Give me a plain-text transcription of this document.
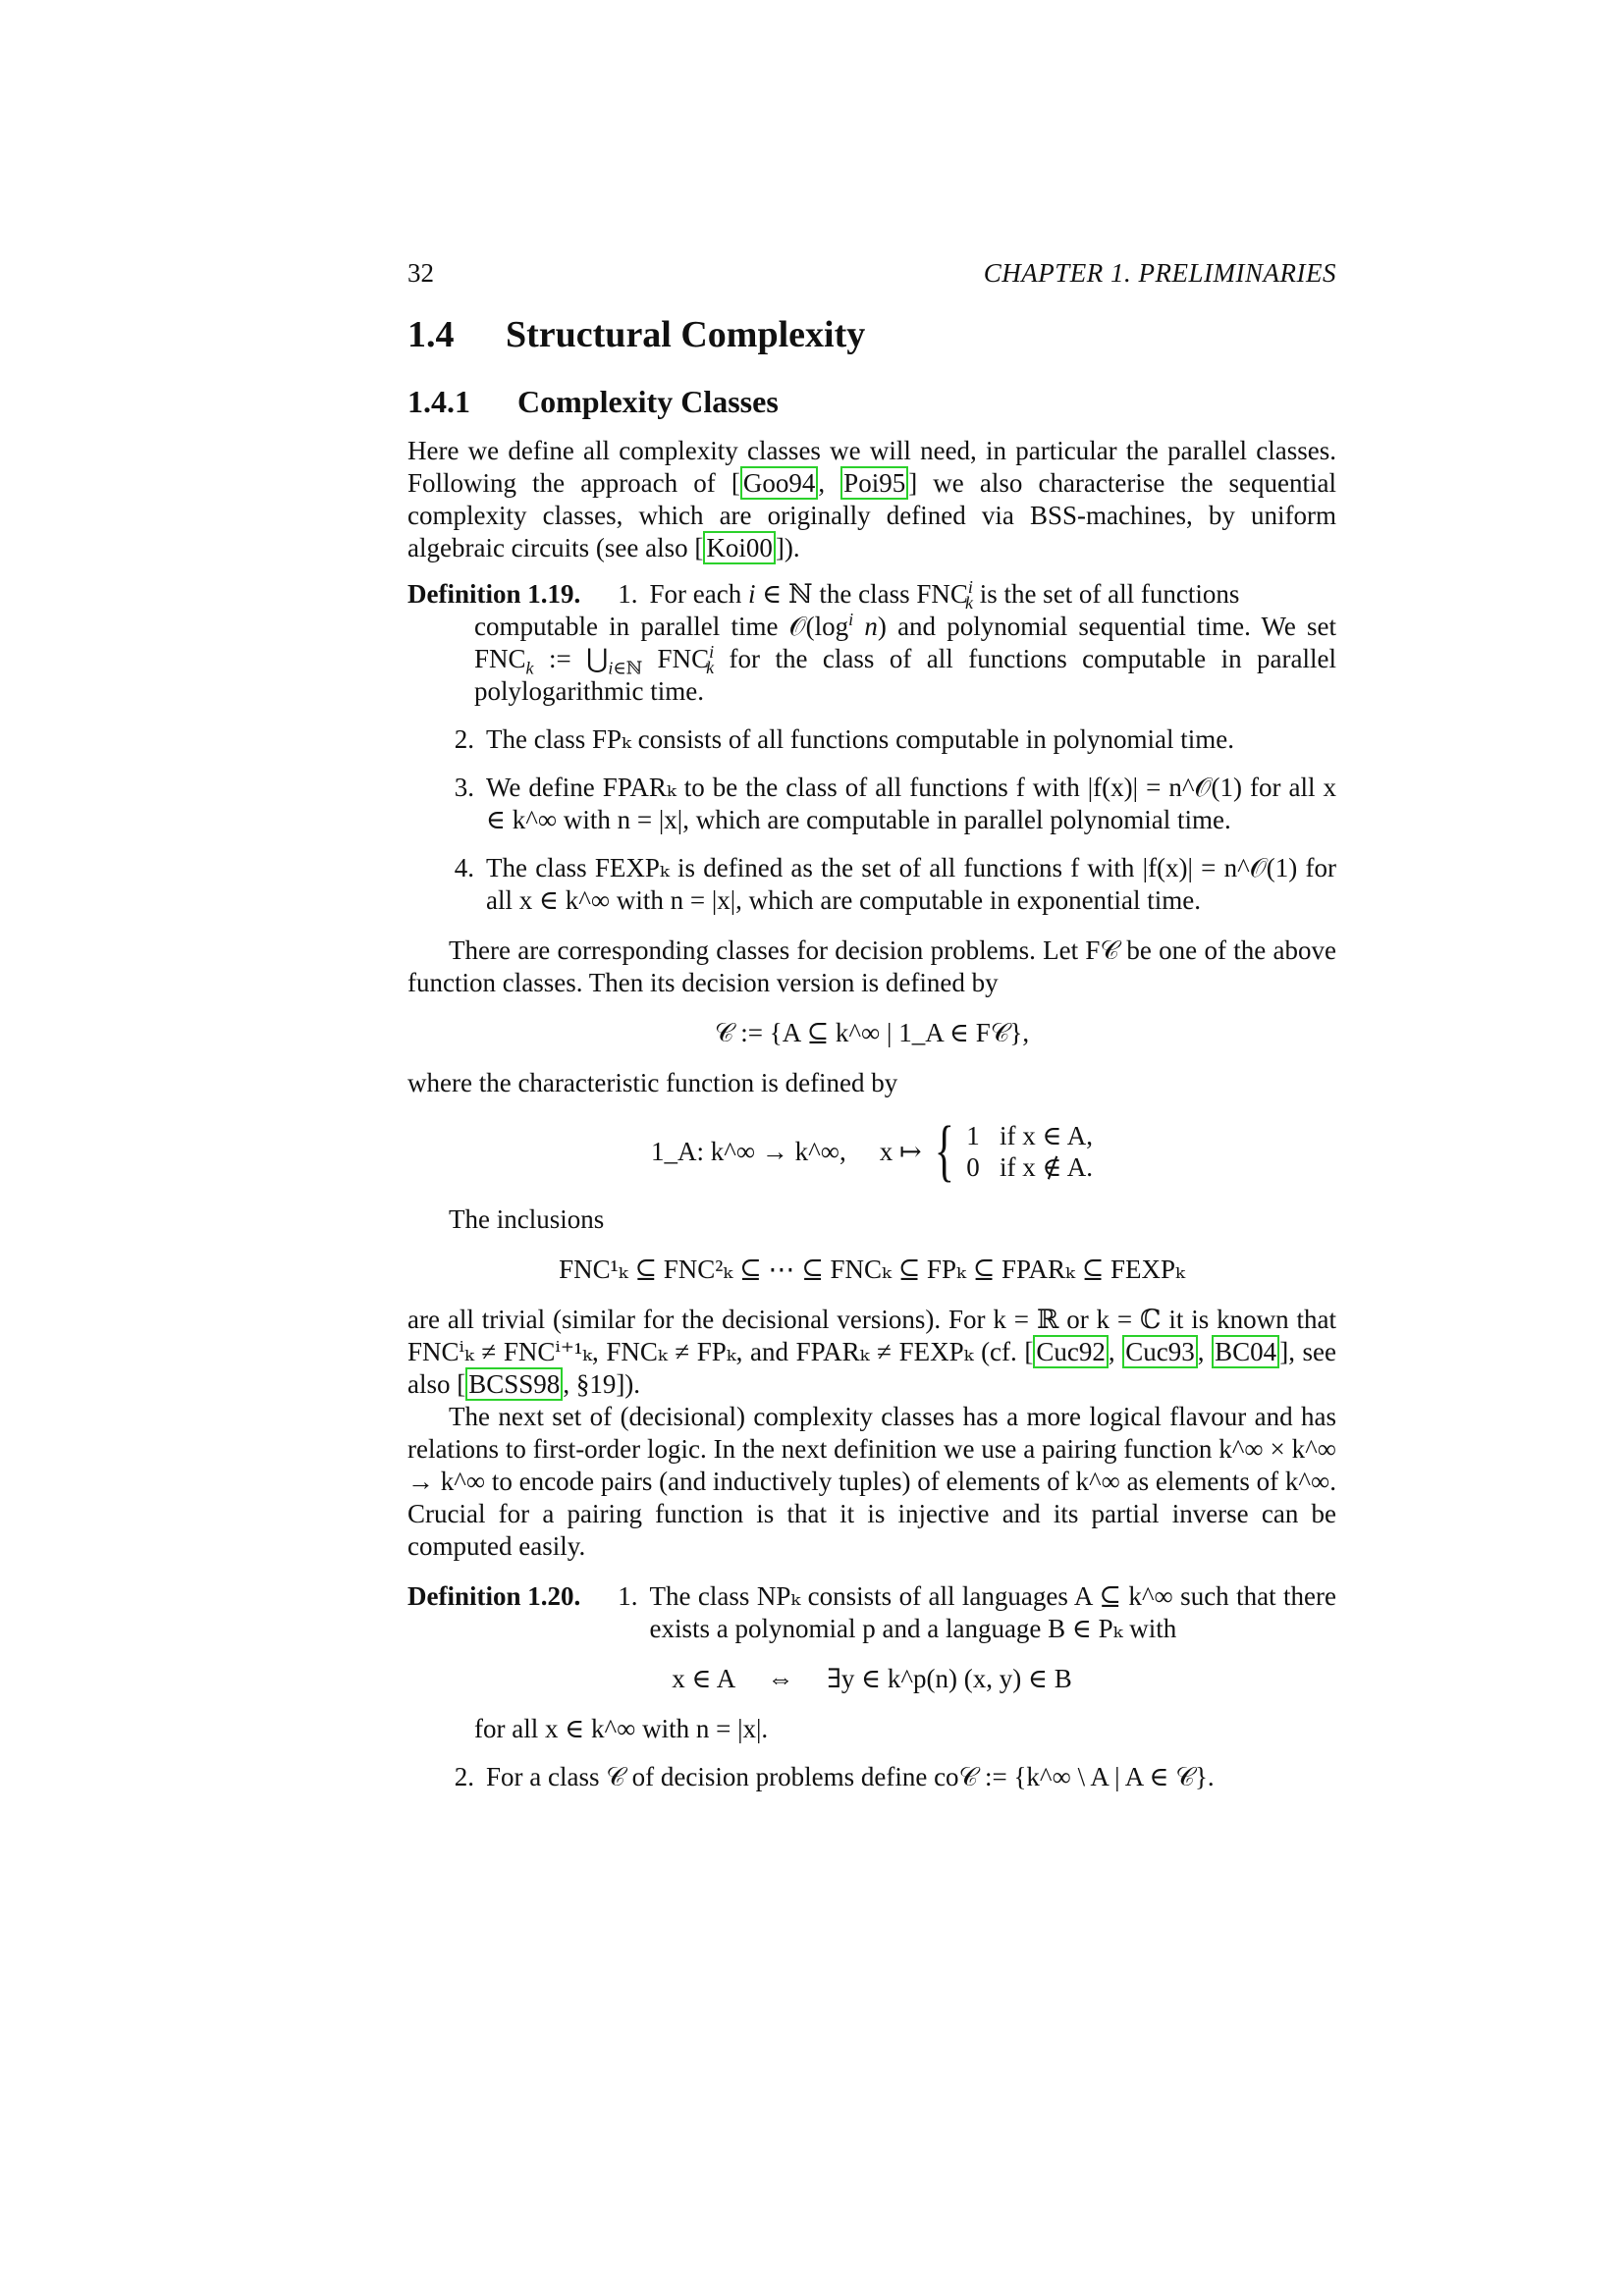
32	CHAPTER 1. PRELIMINARIES
1.4 Structural Complexity
1.4.1 Complexity Classes

Here we define all complexity classes we will need, in particular the parallel classes. Following the approach of [ Goo94 , Poi95 ] we also characterise the sequential complexity classes, which are originally defined via BSS-machines, by uniform algebraic circuits (see also [ Koi00 ]).

Definition 1.19. 1. For each i ∈ ℕ the class $FNC^i_k$ is the set of all functions
computable in parallel time $𝒪(\log^i$ n) and polynomial sequential time. We set $FNC_k$ := $⋃_{i\in ℕ}$ $FNC^i_k$ for the class of all functions computable in parallel polylogarithmic time.
2. The class FPₖ consists of all functions computable in polynomial time.
3. We define FPARₖ to be the class of all functions f with |f(x)| = n^𝒪(1) for all x ∈ k^∞ with n = |x|, which are computable in parallel polynomial time.
4. The class FEXPₖ is defined as the set of all functions f with |f(x)| = n^𝒪(1) for all x ∈ k^∞ with n = |x|, which are computable in exponential time.

There are corresponding classes for decision problems. Let F𝒞 be one of the above function classes. Then its decision version is defined by

𝒞 := {A ⊆ k^∞ | 1_A ∈ F𝒞},

where the characteristic function is defined by

1_A: k^∞ → k^∞, x ↦ { 1   if x ∈ A,
0   if x ∉ A.

The inclusions

FNC¹ₖ ⊆ FNC²ₖ ⊆ ⋯ ⊆ FNCₖ ⊆ FPₖ ⊆ FPARₖ ⊆ FEXPₖ

are all trivial (similar for the decisional versions). For k = ℝ or k = ℂ it is known that FNCⁱₖ ≠ FNCⁱ⁺¹ₖ, FNCₖ ≠ FPₖ, and FPARₖ ≠ FEXPₖ (cf. [ Cuc92 , Cuc93 , BC04 ], see also [ BCSS98 , §19]).

The next set of (decisional) complexity classes has a more logical flavour and has relations to first-order logic. In the next definition we use a pairing function k^∞ × k^∞ → k^∞ to encode pairs (and inductively tuples) of elements of k^∞ as elements of k^∞. Crucial for a pairing function is that it is injective and its partial inverse can be computed easily.

Definition 1.20. 1. The class NPₖ consists of all languages A ⊆ k^∞ such that there exists a polynomial p and a language B ∈ Pₖ with
x ∈ A     ⇔     ∃y ∈ k^p(n) (x, y) ∈ B
for all x ∈ k^∞ with n = |x|.
2. For a class 𝒞 of decision problems define co𝒞 := {k^∞ \ A | A ∈ 𝒞}.
